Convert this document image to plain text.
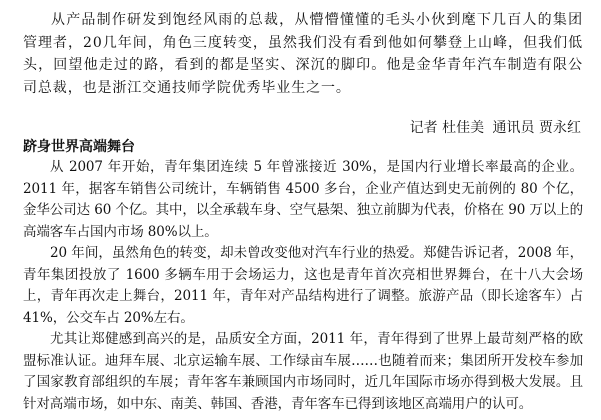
从产品制作研发到饱经风雨的总裁，从懵懵懂懂的毛头小伙到麾下几百人的集团管理者，20几年间，角色三度转变，虽然我们没有看到他如何攀登上山峰，但我们低头，回望他走过的路，看到的都是坚实、深沉的脚印。他是金华青年汽车制造有限公司总裁，也是浙江交通技师学院优秀毕业生之一。

记者 杜佳美 通讯员 贾永红

跻身世界高端舞台

从 2007 年开始，青年集团连续 5 年曾涨接近 30%，是国内行业增长率最高的企业。2011 年，据客车销售公司统计，车辆销售 4500 多台，企业产值达到史无前例的 80 个亿，金华公司达 60 个亿。其中，以全承载车身、空气悬架、独立前脚为代表，价格在 90 万以上的高端客车占国内市场 80%以上。

20 年间，虽然角色的转变，却未曾改变他对汽车行业的热爱。郑健告诉记者，2008 年，青年集团投放了 1600 多辆车用于会场运力，这也是青年首次亮相世界舞台，在十八大会场上，青年再次走上舞台，2011 年，青年对产品结构进行了调整。旅游产品（即长途客车）占 41%，公交车占 20%左右。

尤其让郑健感到高兴的是，品质安全方面，2011 年，青年得到了世界上最苛刻严格的欧盟标准认证。迪拜车展、北京运输车展、工作绿亩车展……也随着而来；集团所开发校车参加了国家教育部组织的车展；青年客车兼顾国内市场同时，近几年国际市场亦得到极大发展。且针对高端市场，如中东、南美、韩国、香港，青年客车已得到该地区高端用户的认可。
